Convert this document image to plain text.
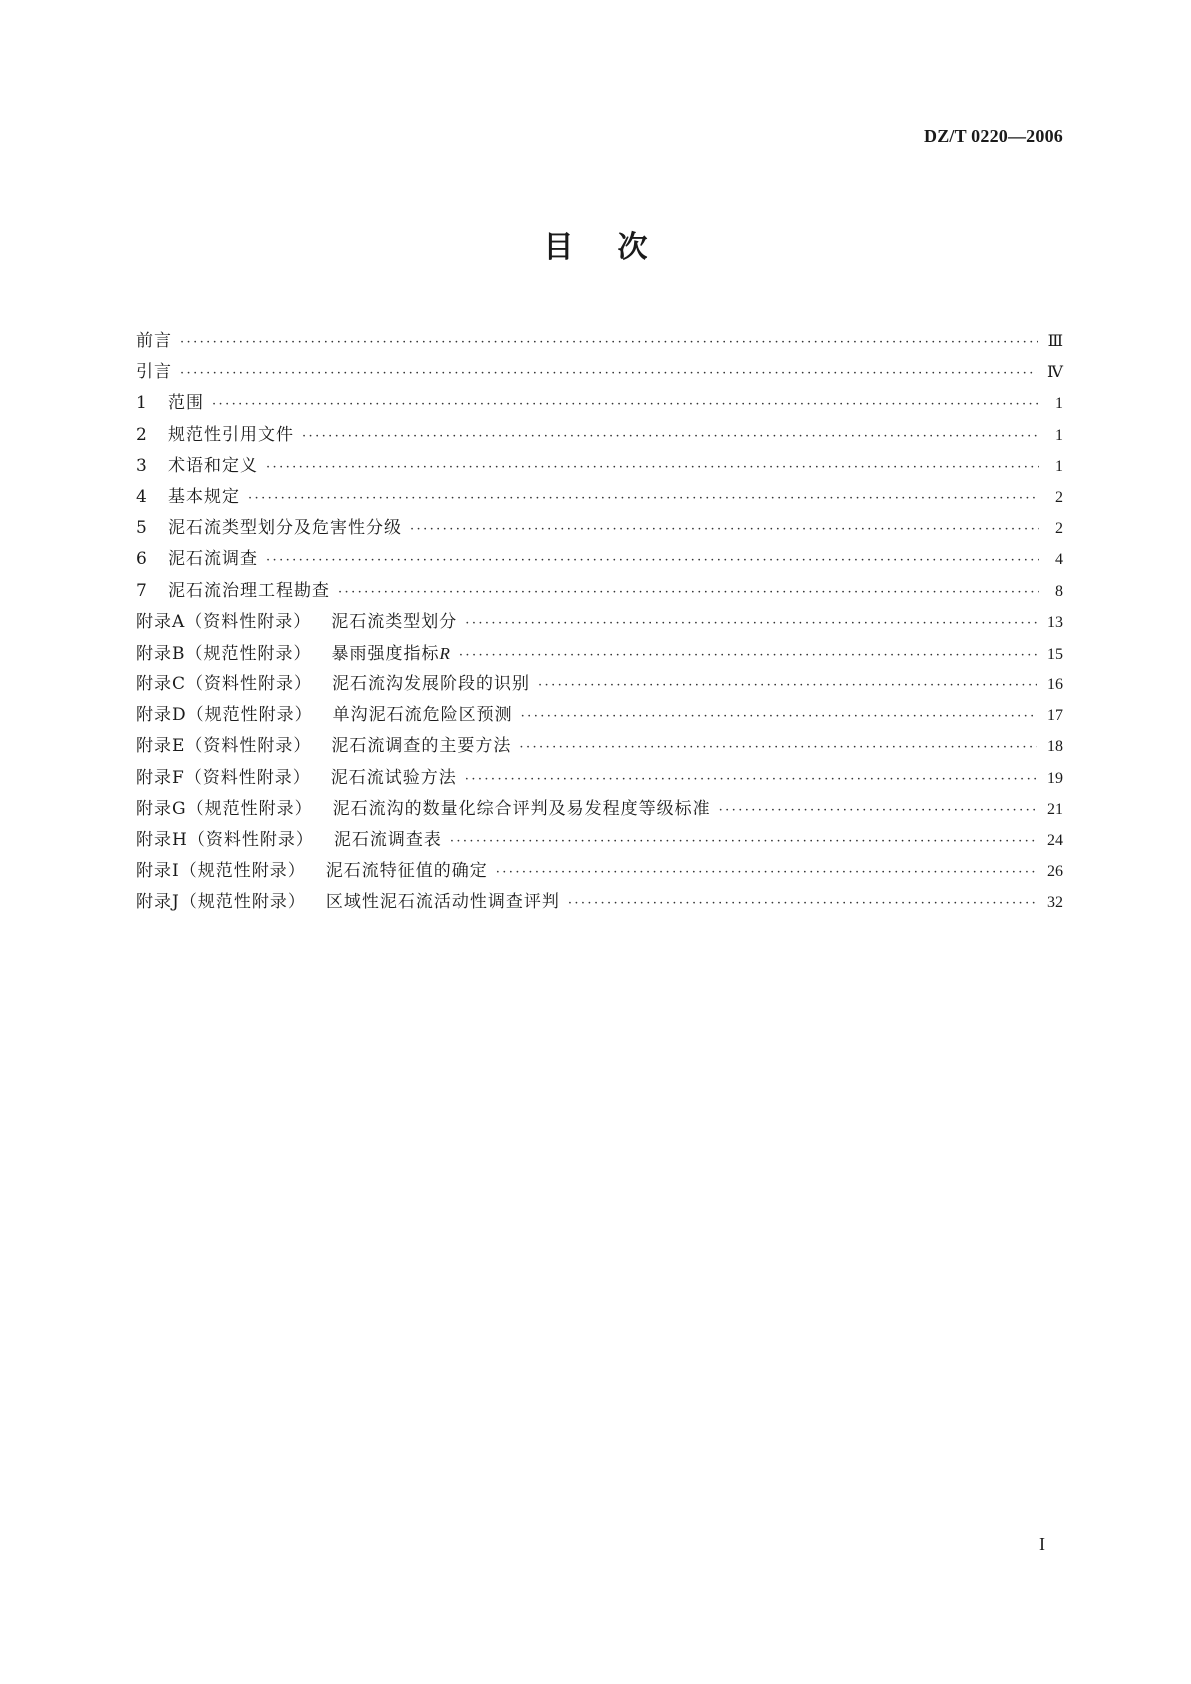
DZ/T 0220—2006
目 次
前言 ·····	Ⅲ
引言 ·····	Ⅳ
1 范围 ·····	1
2 规范性引用文件 ·····	1
3 术语和定义 ·····	1
4 基本规定 ·····	2
5 泥石流类型划分及危害性分级 ·····	2
6 泥石流调查 ·····	4
7 泥石流治理工程勘查 ·····	8
附录A（资料性附录） 泥石流类型划分 ·····	13
附录B（规范性附录） 暴雨强度指标R ·····	15
附录C（资料性附录） 泥石流沟发展阶段的识别 ·····	16
附录D（规范性附录） 单沟泥石流危险区预测 ·····	17
附录E（资料性附录） 泥石流调查的主要方法 ·····	18
附录F（资料性附录） 泥石流试验方法 ·····	19
附录G（规范性附录） 泥石流沟的数量化综合评判及易发程度等级标准 ·····	21
附录H（资料性附录） 泥石流调查表 ·····	24
附录I（规范性附录） 泥石流特征值的确定 ·····	26
附录J（规范性附录） 区域性泥石流活动性调查评判 ·····	32
I
